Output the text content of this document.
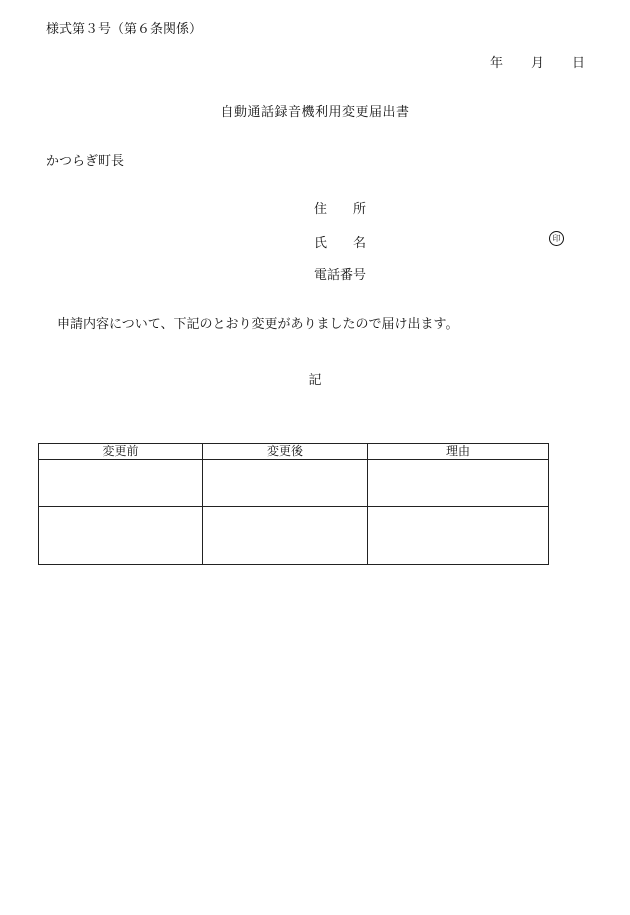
様式第３号（第６条関係）
年 月 日
自動通話録音機利用変更届出書
かつらぎ町長
住　　所
氏　　名	印
電話番号
申請内容について、下記のとおり変更がありましたので届け出ます。
記
変更前	変更後	理由
